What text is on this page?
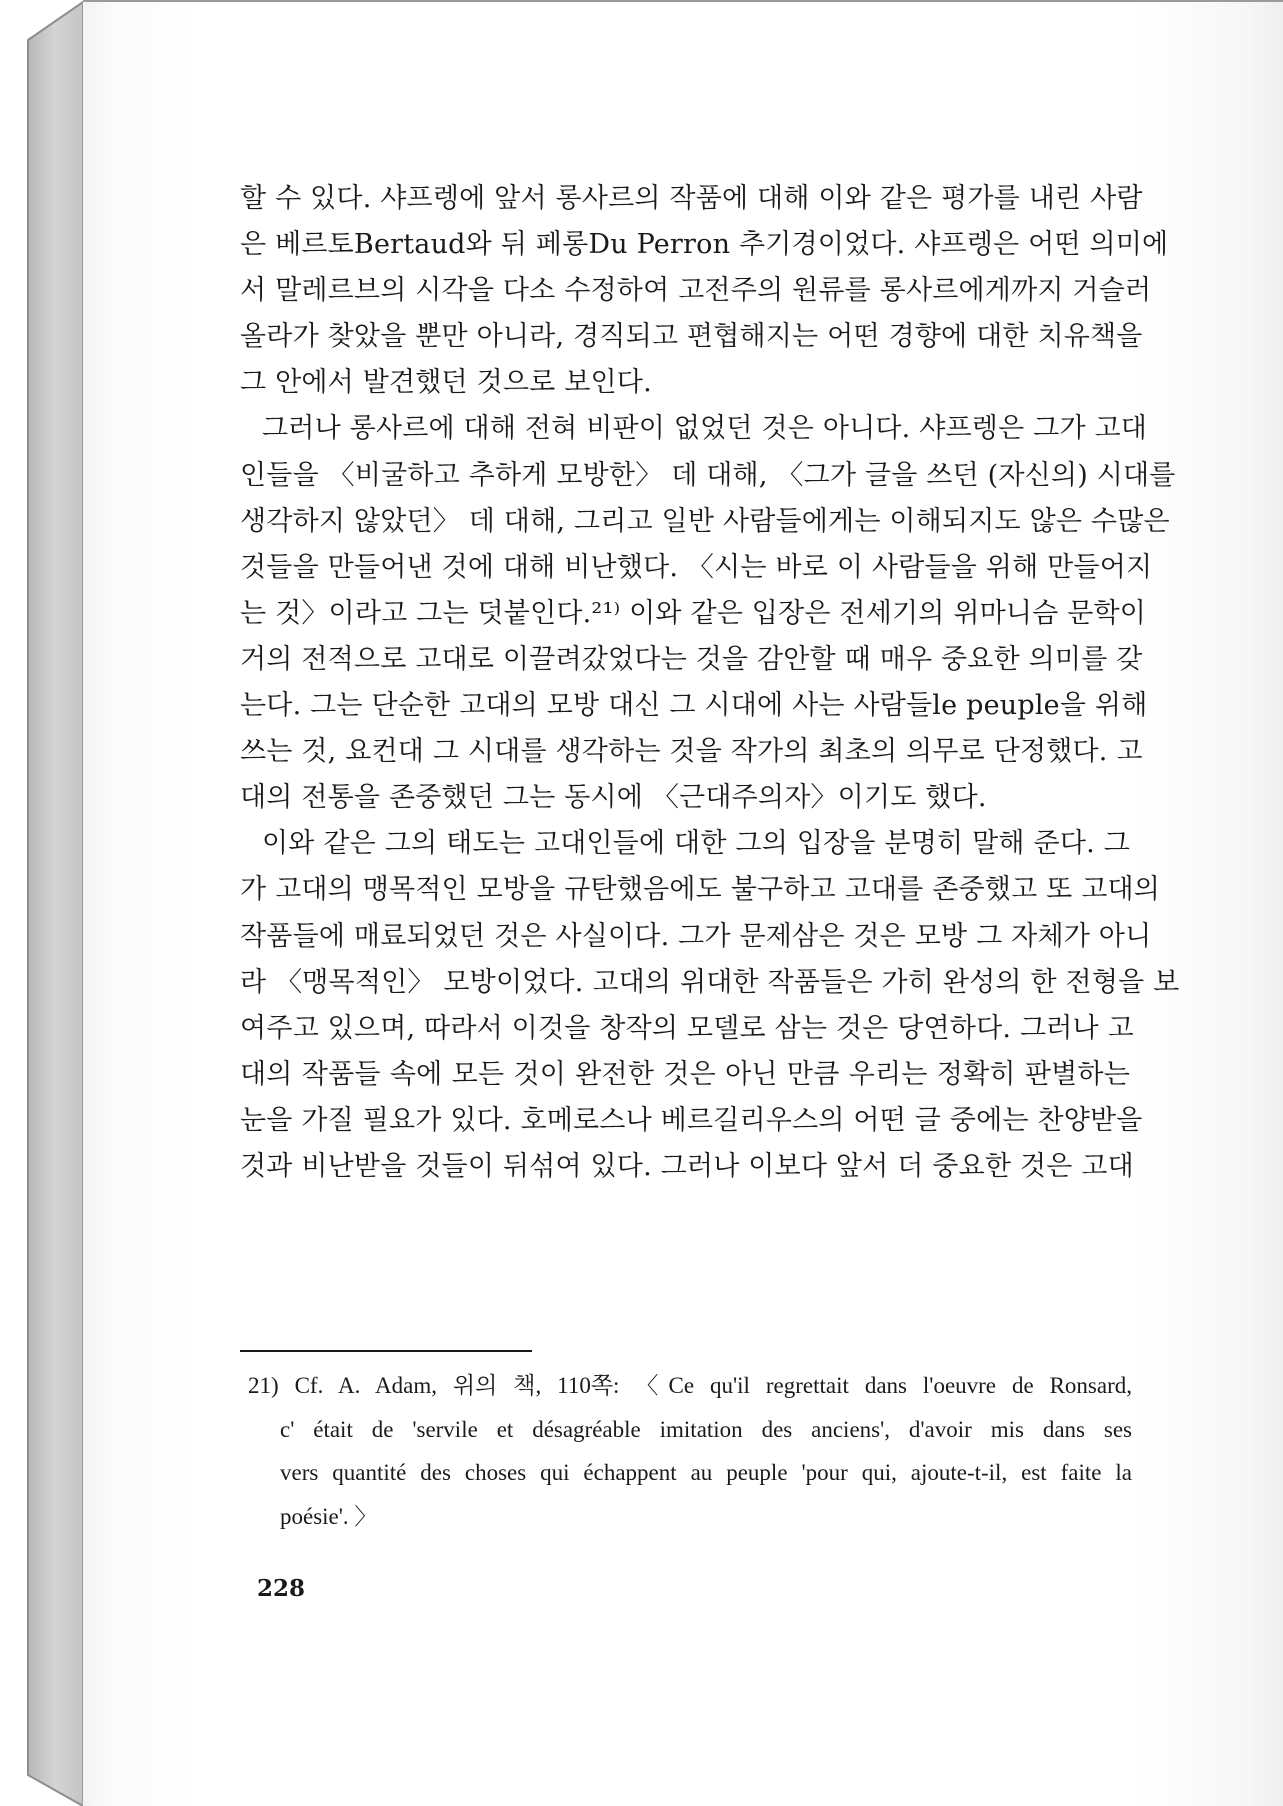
할 수 있다. 샤프렝에 앞서 롱사르의 작품에 대해 이와 같은 평가를 내린 사람
은 베르토Bertaud와 뒤 페롱Du Perron 추기경이었다. 샤프렝은 어떤 의미에
서 말레르브의 시각을 다소 수정하여 고전주의 원류를 롱사르에게까지 거슬러
올라가 찾았을 뿐만 아니라, 경직되고 편협해지는 어떤 경향에 대한 치유책을
그 안에서 발견했던 것으로 보인다.
그러나 롱사르에 대해 전혀 비판이 없었던 것은 아니다. 샤프렝은 그가 고대
인들을 〈비굴하고 추하게 모방한〉 데 대해, 〈그가 글을 쓰던 (자신의) 시대를
생각하지 않았던〉 데 대해, 그리고 일반 사람들에게는 이해되지도 않은 수많은
것들을 만들어낸 것에 대해 비난했다. 〈시는 바로 이 사람들을 위해 만들어지
는 것〉이라고 그는 덧붙인다.²¹⁾ 이와 같은 입장은 전세기의 위마니슴 문학이
거의 전적으로 고대로 이끌려갔었다는 것을 감안할 때 매우 중요한 의미를 갖
는다. 그는 단순한 고대의 모방 대신 그 시대에 사는 사람들le peuple을 위해
쓰는 것, 요컨대 그 시대를 생각하는 것을 작가의 최초의 의무로 단정했다. 고
대의 전통을 존중했던 그는 동시에 〈근대주의자〉이기도 했다.
이와 같은 그의 태도는 고대인들에 대한 그의 입장을 분명히 말해 준다. 그
가 고대의 맹목적인 모방을 규탄했음에도 불구하고 고대를 존중했고 또 고대의
작품들에 매료되었던 것은 사실이다. 그가 문제삼은 것은 모방 그 자체가 아니
라 〈맹목적인〉 모방이었다. 고대의 위대한 작품들은 가히 완성의 한 전형을 보
여주고 있으며, 따라서 이것을 창작의 모델로 삼는 것은 당연하다. 그러나 고
대의 작품들 속에 모든 것이 완전한 것은 아닌 만큼 우리는 정확히 판별하는
눈을 가질 필요가 있다. 호메로스나 베르길리우스의 어떤 글 중에는 찬양받을
것과 비난받을 것들이 뒤섞여 있다. 그러나 이보다 앞서 더 중요한 것은 고대
21) Cf. A. Adam, 위의 책, 110쪽: 〈Ce qu'il regrettait dans l'oeuvre de Ronsard,
c' était de 'servile et désagréable imitation des anciens', d'avoir mis dans ses
vers quantité des choses qui échappent au peuple 'pour qui, ajoute-t-il, est faite la
poésie'. 〉
228
